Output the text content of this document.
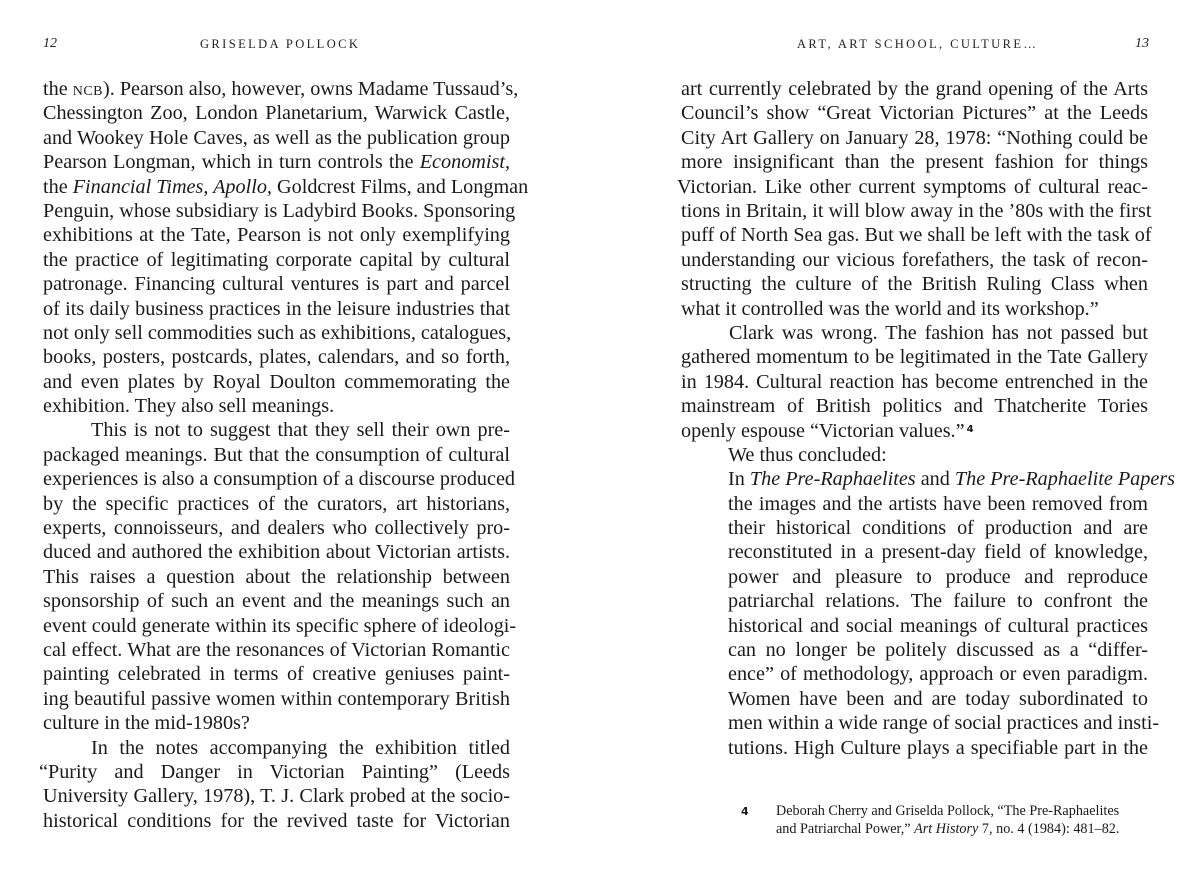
12	GRISELDA POLLOCK
the ncb). Pearson also, however, owns Madame Tussaud’s,
Chessington Zoo, London Planetarium, Warwick Castle,
and Wookey Hole Caves, as well as the publication group
Pearson Longman, which in turn controls the Economist,
the Financial Times, Apollo, Goldcrest Films, and Longman
Penguin, whose subsidiary is Ladybird Books. Sponsoring
exhibitions at the Tate, Pearson is not only exemplifying
the practice of legitimating corporate capital by cultural
patronage. Financing cultural ventures is part and parcel
of its daily business practices in the leisure industries that
not only sell commodities such as exhibitions, catalogues,
books, posters, postcards, plates, calendars, and so forth,
and even plates by Royal Doulton commemorating the
exhibition. They also sell meanings.
This is not to suggest that they sell their own pre-
packaged meanings. But that the consumption of cultural
experiences is also a consumption of a discourse produced
by the specific practices of the curators, art historians,
experts, connoisseurs, and dealers who collectively pro-
duced and authored the exhibition about Victorian artists.
This raises a question about the relationship between
sponsorship of such an event and the meanings such an
event could generate within its specific sphere of ideologi-
cal effect. What are the resonances of Victorian Romantic
painting celebrated in terms of creative geniuses paint-
ing beautiful passive women within contemporary British
culture in the mid-1980s?
In the notes accompanying the exhibition titled
“Purity and Danger in Victorian Painting” (Leeds
University Gallery, 1978), T. J. Clark probed at the socio-
historical conditions for the revived taste for Victorian
ART, ART SCHOOL, CULTURE…	13
art currently celebrated by the grand opening of the Arts
Council’s show “Great Victorian Pictures” at the Leeds
City Art Gallery on January 28, 1978: “Nothing could be
more insignificant than the present fashion for things
Victorian. Like other current symptoms of cultural reac-
tions in Britain, it will blow away in the ’80s with the first
puff of North Sea gas. But we shall be left with the task of
understanding our vicious forefathers, the task of recon-
structing the culture of the British Ruling Class when
what it controlled was the world and its workshop.”
Clark was wrong. The fashion has not passed but
gathered momentum to be legitimated in the Tate Gallery
in 1984. Cultural reaction has become entrenched in the
mainstream of British politics and Thatcherite Tories
openly espouse “Victorian values.” $^4$
We thus concluded:
In The Pre-Raphaelites and The Pre-Raphaelite Papers
the images and the artists have been removed from
their historical conditions of production and are
reconstituted in a present-day field of knowledge,
power and pleasure to produce and reproduce
patriarchal relations. The failure to confront the
historical and social meanings of cultural practices
can no longer be politely discussed as a “differ-
ence” of methodology, approach or even paradigm.
Women have been and are today subordinated to
men within a wide range of social practices and insti-
tutions. High Culture plays a specifiable part in the
4 Deborah Cherry and Griselda Pollock, “The Pre-Raphaelites
and Patriarchal Power,” Art History 7, no. 4 (1984): 481–82.
